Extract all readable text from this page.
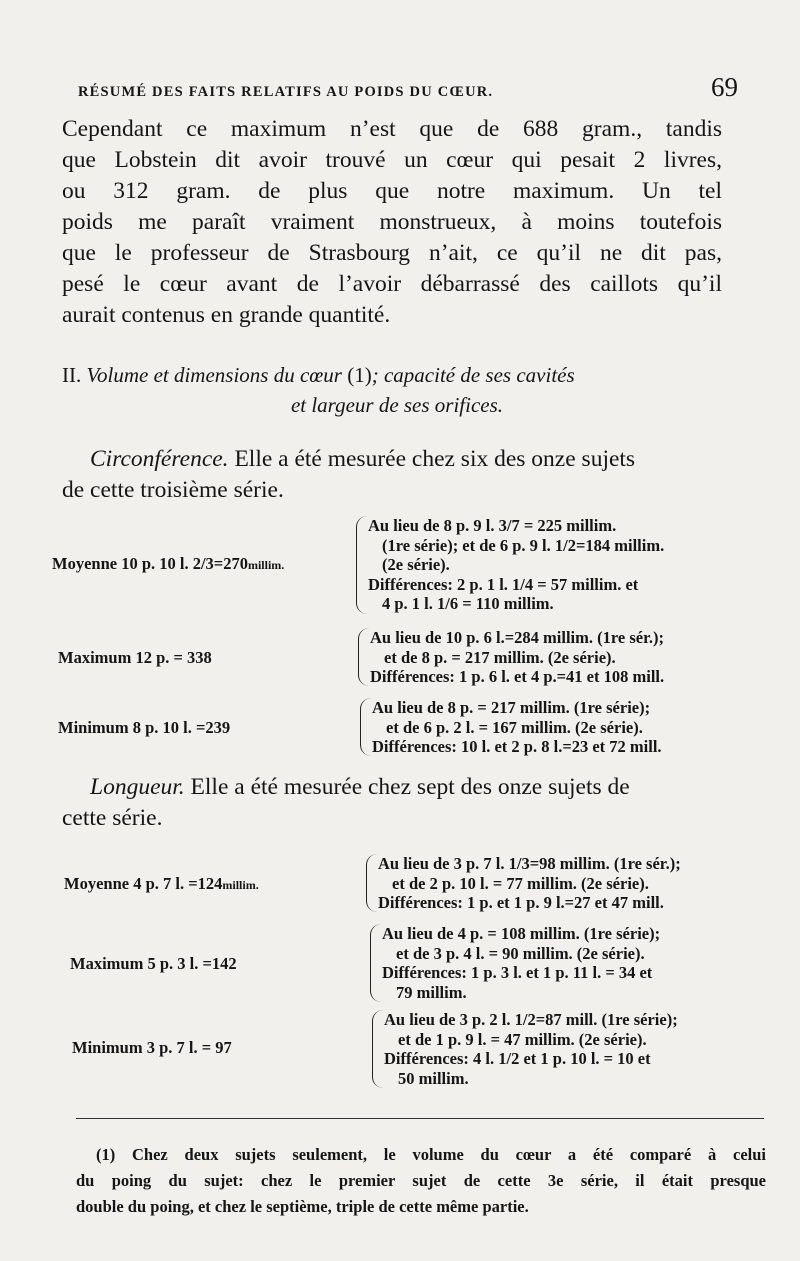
RÉSUMÉ DES FAITS RELATIFS AU POIDS DU CŒUR.	69
Cependant ce maximum n’est que de 688 gram., tandis
que Lobstein dit avoir trouvé un cœur qui pesait 2 livres,
ou 312 gram. de plus que notre maximum. Un tel
poids me paraît vraiment monstrueux, à moins toutefois
que le professeur de Strasbourg n’ait, ce qu’il ne dit pas,
pesé le cœur avant de l’avoir débarrassé des caillots qu’il
aurait contenus en grande quantité.
II. Volume et dimensions du cœur (1); capacité de ses cavités
et largeur de ses orifices.
Circonférence. Elle a été mesurée chez six des onze sujets
de cette troisième série.
Moyenne 10 p. 10 l. 2/3=270millim.
Au lieu de 8 p. 9 l. 3/7 = 225 millim.
(1re série); et de 6 p. 9 l. 1/2=184 millim.
(2e série).
Différences: 2 p. 1 l. 1/4 = 57 millim. et
4 p. 1 l. 1/6 = 110 millim.
Maximum 12 p. = 338
Au lieu de 10 p. 6 l.=284 millim. (1re sér.);
et de 8 p. = 217 millim. (2e série).
Différences: 1 p. 6 l. et 4 p.=41 et 108 mill.
Minimum 8 p. 10 l. =239
Au lieu de 8 p. = 217 millim. (1re série);
et de 6 p. 2 l. = 167 millim. (2e série).
Différences: 10 l. et 2 p. 8 l.=23 et 72 mill.
Longueur. Elle a été mesurée chez sept des onze sujets de
cette série.
Moyenne 4 p. 7 l. =124millim.
Au lieu de 3 p. 7 l. 1/3=98 millim. (1re sér.);
et de 2 p. 10 l. = 77 millim. (2e série).
Différences: 1 p. et 1 p. 9 l.=27 et 47 mill.
Maximum 5 p. 3 l. =142
Au lieu de 4 p. = 108 millim. (1re série);
et de 3 p. 4 l. = 90 millim. (2e série).
Différences: 1 p. 3 l. et 1 p. 11 l. = 34 et
79 millim.
Minimum 3 p. 7 l. = 97
Au lieu de 3 p. 2 l. 1/2=87 mill. (1re série);
et de 1 p. 9 l. = 47 millim. (2e série).
Différences: 4 l. 1/2 et 1 p. 10 l. = 10 et
50 millim.
(1) Chez deux sujets seulement, le volume du cœur a été comparé à celui
du poing du sujet: chez le premier sujet de cette 3e série, il était presque
double du poing, et chez le septième, triple de cette même partie.
